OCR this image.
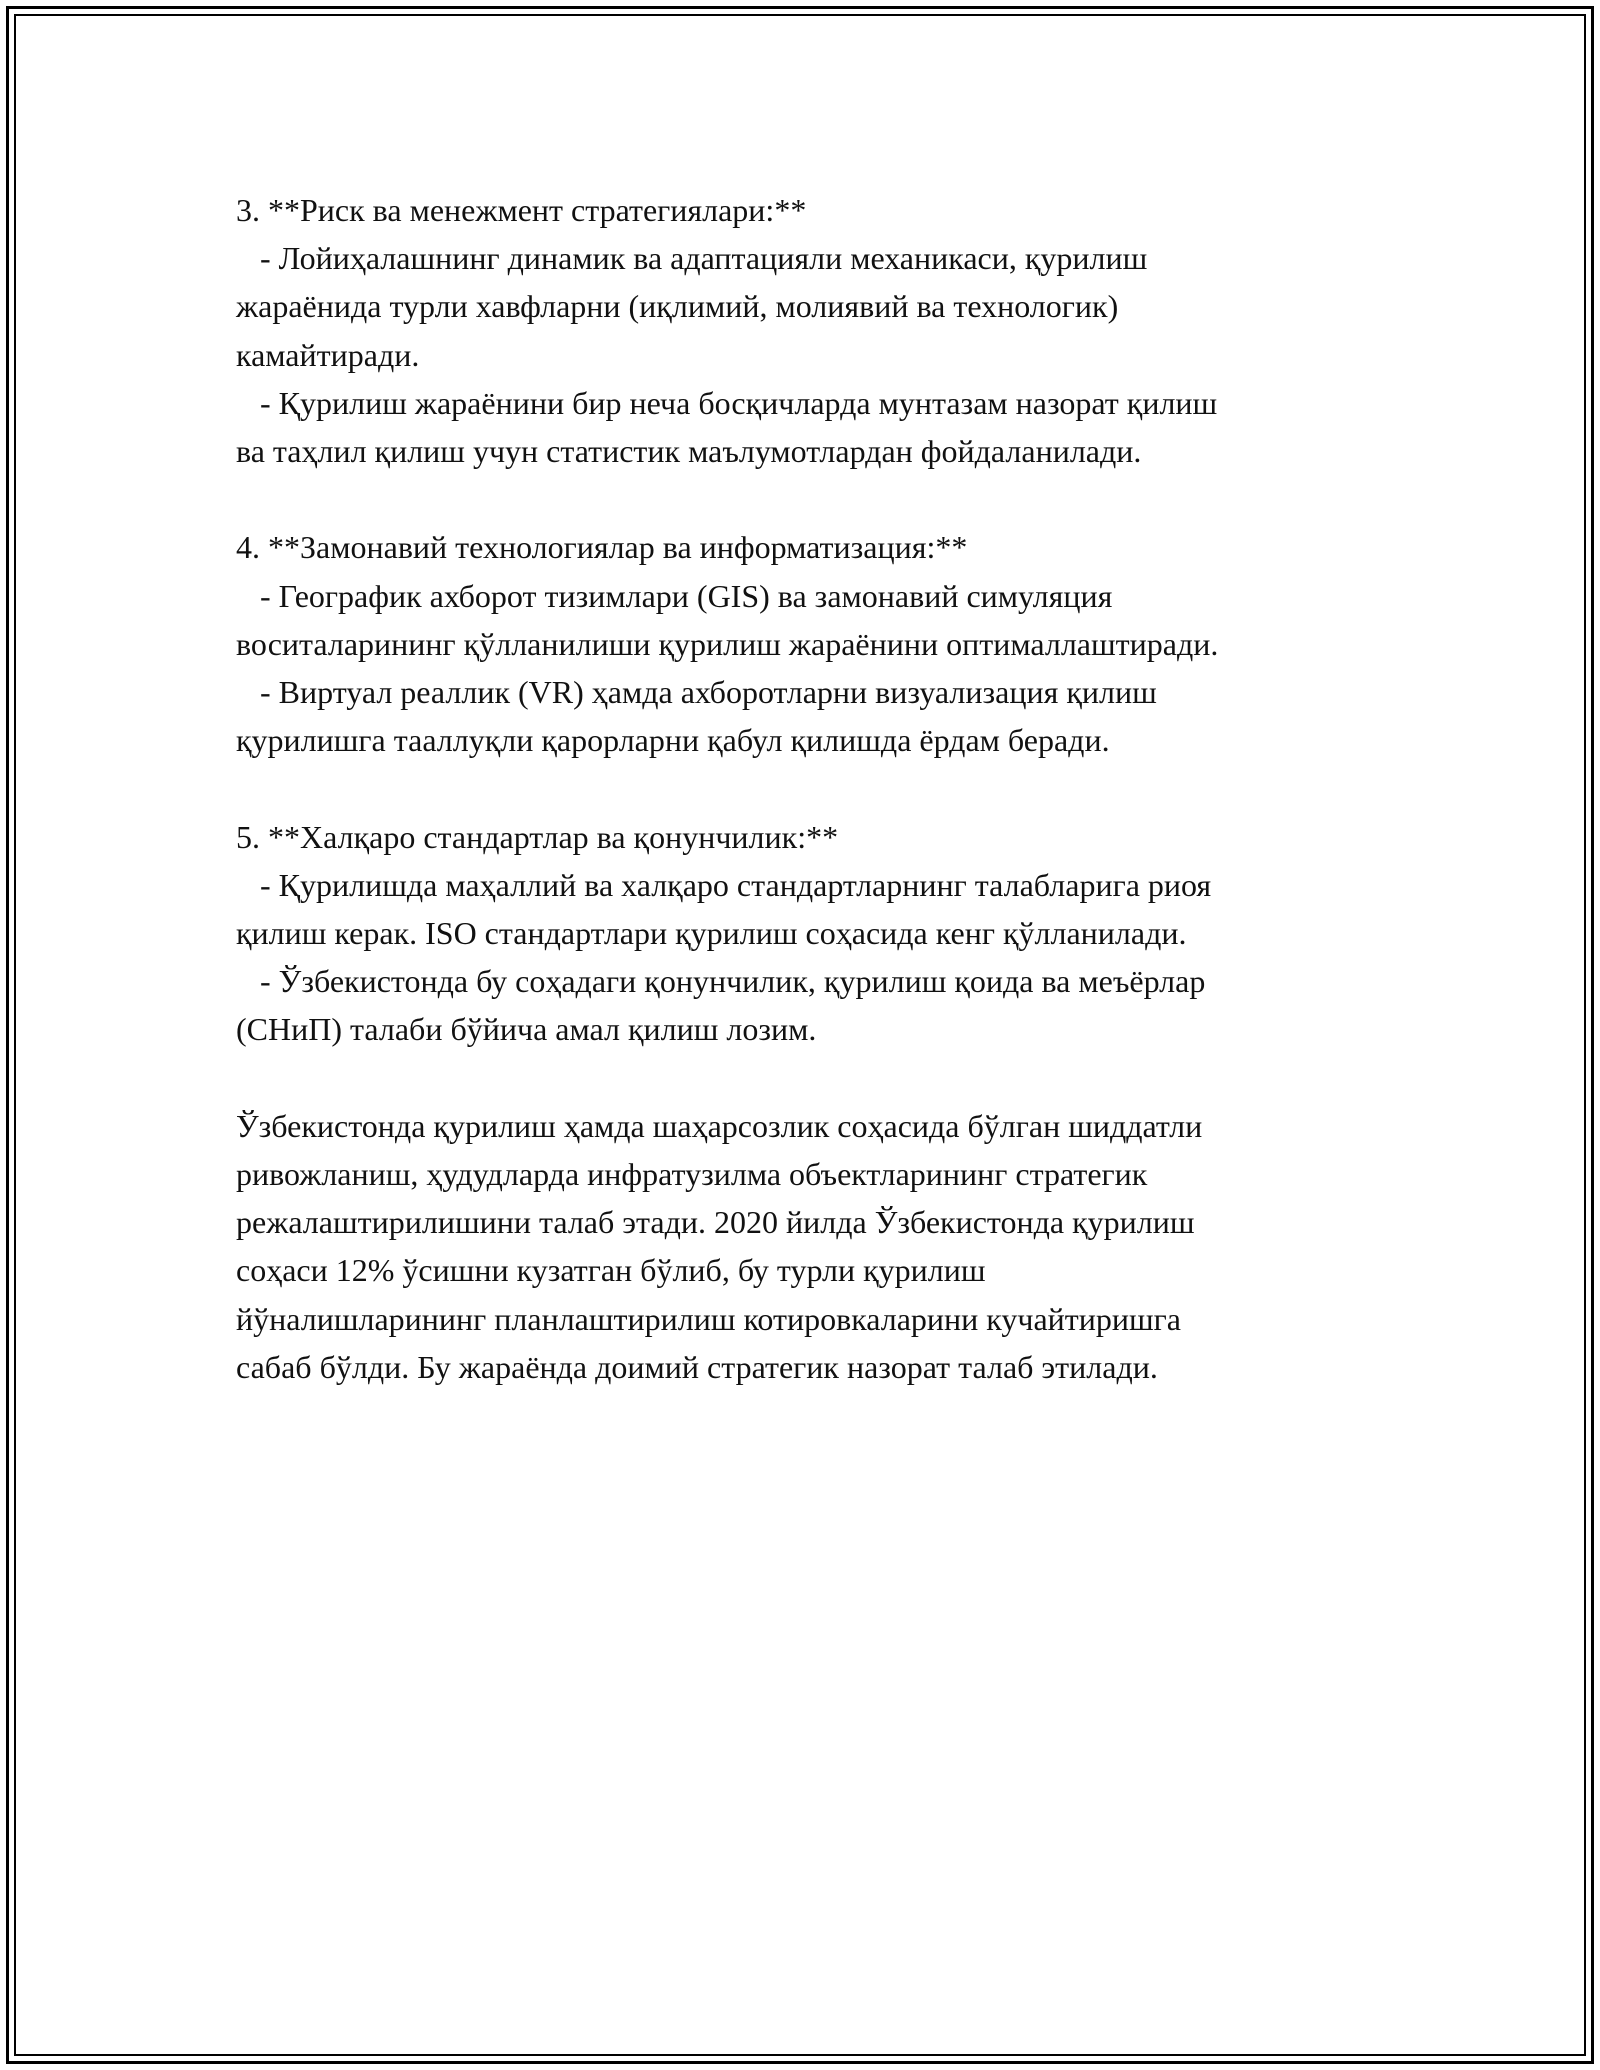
3. **Риск ва менежмент стратегиялари:**
- Лойиҳалашнинг динамик ва адаптацияли механикаси, қурилиш
жараёнида турли хавфларни (иқлимий, молиявий ва технологик)
камайтиради.
- Қурилиш жараёнини бир неча босқичларда мунтазам назорат қилиш
ва таҳлил қилиш учун статистик маълумотлардан фойдаланилади.
4. **Замонавий технологиялар ва информатизация:**
- Географик ахборот тизимлари (GIS) ва замонавий симуляция
воситаларининг қўлланилиши қурилиш жараёнини оптималлаштиради.
- Виртуал реаллик (VR) ҳамда ахборотларни визуализация қилиш
қурилишга тааллуқли қарорларни қабул қилишда ёрдам беради.
5. **Халқаро стандартлар ва қонунчилик:**
- Қурилишда маҳаллий ва халқаро стандартларнинг талабларига риоя
қилиш керак. ISO стандартлари қурилиш соҳасида кенг қўлланилади.
- Ўзбекистонда бу соҳадаги қонунчилик, қурилиш қоида ва меъёрлар
(СНиП) талаби бўйича амал қилиш лозим.
Ўзбекистонда қурилиш ҳамда шаҳарсозлик соҳасида бўлган шиддатли
ривожланиш, ҳудудларда инфратузилма объектларининг стратегик
режалаштирилишини талаб этади. 2020 йилда Ўзбекистонда қурилиш
соҳаси 12% ўсишни кузатган бўлиб, бу турли қурилиш
йўналишларининг планлаштирилиш котировкаларини кучайтиришга
сабаб бўлди. Бу жараёнда доимий стратегик назорат талаб этилади.
